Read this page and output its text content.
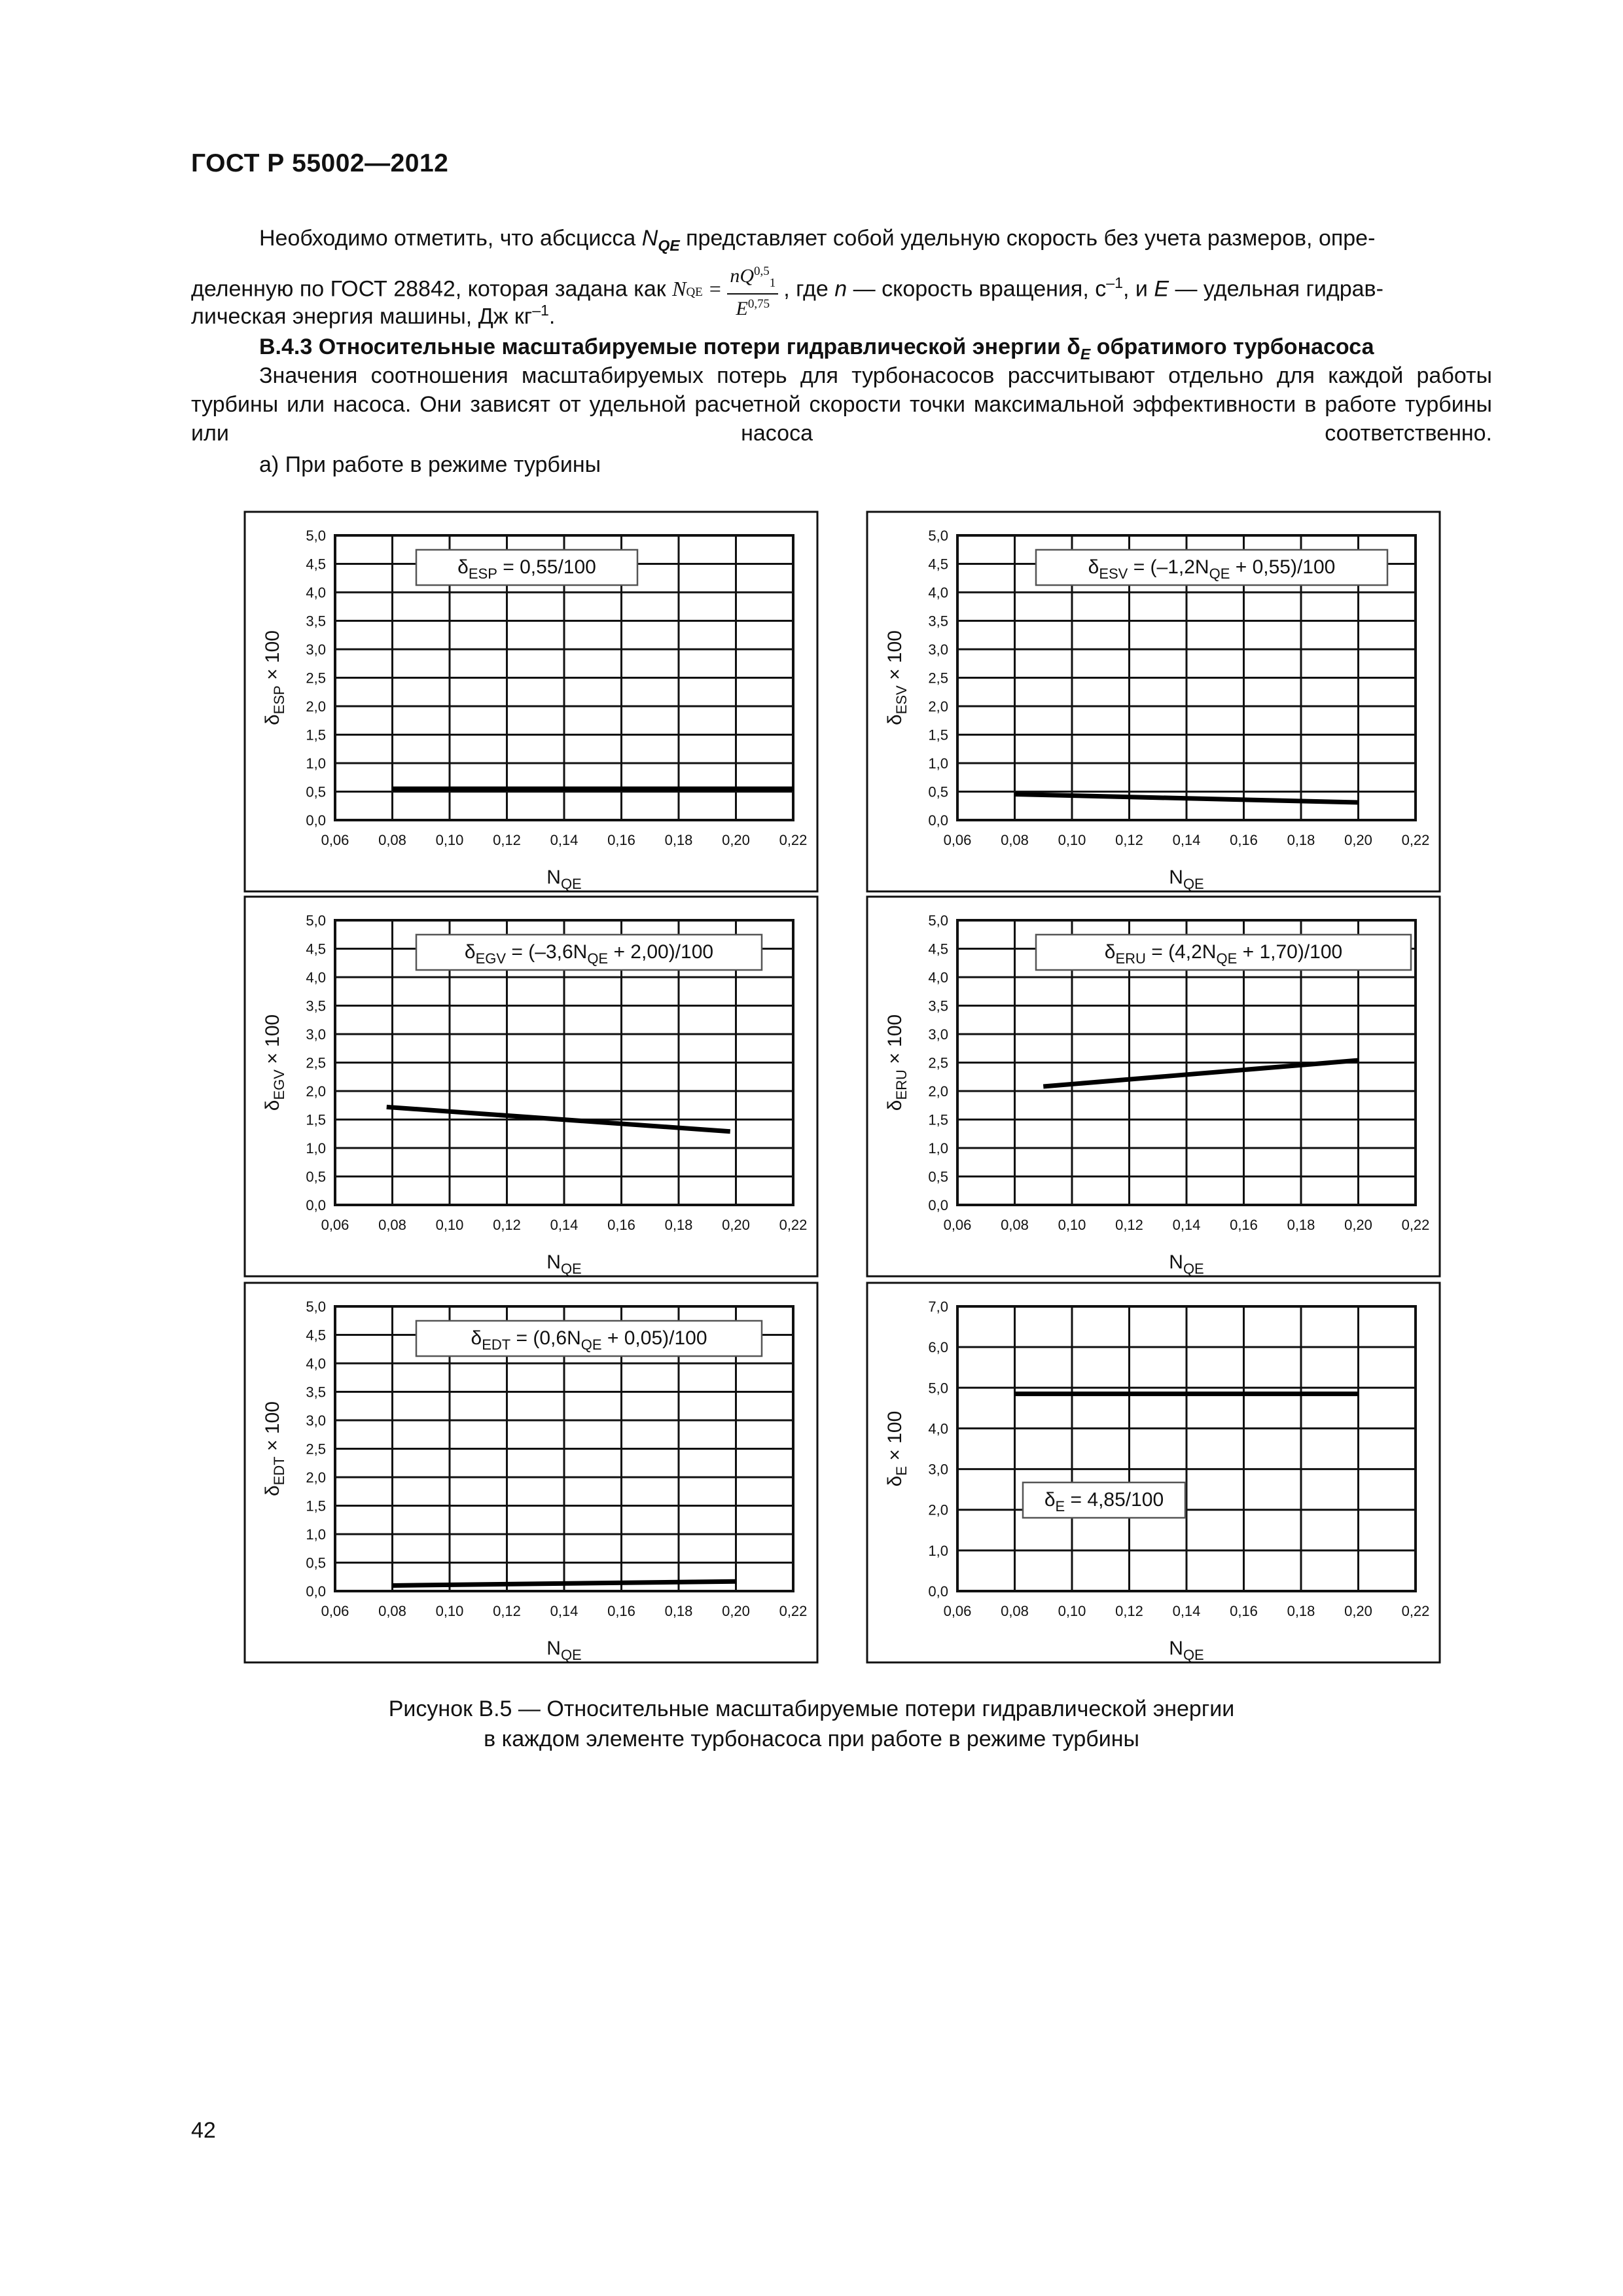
ГОСТ Р 55002—2012

Необходимо отметить, что абсцисса $N_{QE}$ представляет собой удельную скорость без учета размеров, опре-

деленную по ГОСТ 28842, которая задана как NQE = $\frac{nQ^{0,5}_1}{E^{0,75}}$ , где n — скорость вращения, $с^{-1}$, и E — удельная гидрав-

лическая энергия машины, Дж $кг^{-1}$.

B.4.3 Относительные масштабируемые потери гидравлической энергии $\delta_E$ обратимого турбонасоса

Значения соотношения масштабируемых потерь для турбонасосов рассчитывают отдельно для каждой работы турбины или насоса. Они зависят от удельной расчетной скорости точки максимальной эффективности в работе турбины или насоса соответственно.

а) При работе в режиме турбины

0,06 0,08 0,10 0,12 0,14 0,16 0,18 0,20 0,22
0,0
0,5
1,0
1,5
2,0
2,5
3,0
3,5
4,0
4,5
5,0
$N_{QE}$
$\delta_{ESP} \times 100$
$\delta_{ESP} = 0,55/100$
0,06 0,08 0,10 0,12 0,14 0,16 0,18 0,20 0,22
0,0
0,5
1,0
1,5
2,0
2,5
3,0
3,5
4,0
4,5
5,0
$N_{QE}$
$\delta_{ESV} \times 100$
$\delta_{ESV} = (-1,2N_{QE} + 0,55)/100$
0,06 0,08 0,10 0,12 0,14 0,16 0,18 0,20 0,22
0,0
0,5
1,0
1,5
2,0
2,5
3,0
3,5
4,0
4,5
5,0
$N_{QE}$
$\delta_{EGV} \times 100$
$\delta_{EGV} = (-3,6N_{QE} + 2,00)/100$
0,06 0,08 0,10 0,12 0,14 0,16 0,18 0,20 0,22
0,0
0,5
1,0
1,5
2,0
2,5
3,0
3,5
4,0
4,5
5,0
$N_{QE}$
$\delta_{ERU} \times 100$
$\delta_{ERU} = (4,2N_{QE} + 1,70)/100$
0,06 0,08 0,10 0,12 0,14 0,16 0,18 0,20 0,22
0,0
0,5
1,0
1,5
2,0
2,5
3,0
3,5
4,0
4,5
5,0
$N_{QE}$
$\delta_{EDT} \times 100$
$\delta_{EDT} = (0,6N_{QE} + 0,05)/100$
0,06 0,08 0,10 0,12 0,14 0,16 0,18 0,20 0,22
0,0
1,0
2,0
3,0
4,0
5,0
6,0
7,0
$N_{QE}$
$\delta_E \times 100$
$\delta_E = 4,85/100$
Рисунок В.5 — Относительные масштабируемые потери гидравлической энергии
в каждом элементе турбонасоса при работе в режиме турбины
42
